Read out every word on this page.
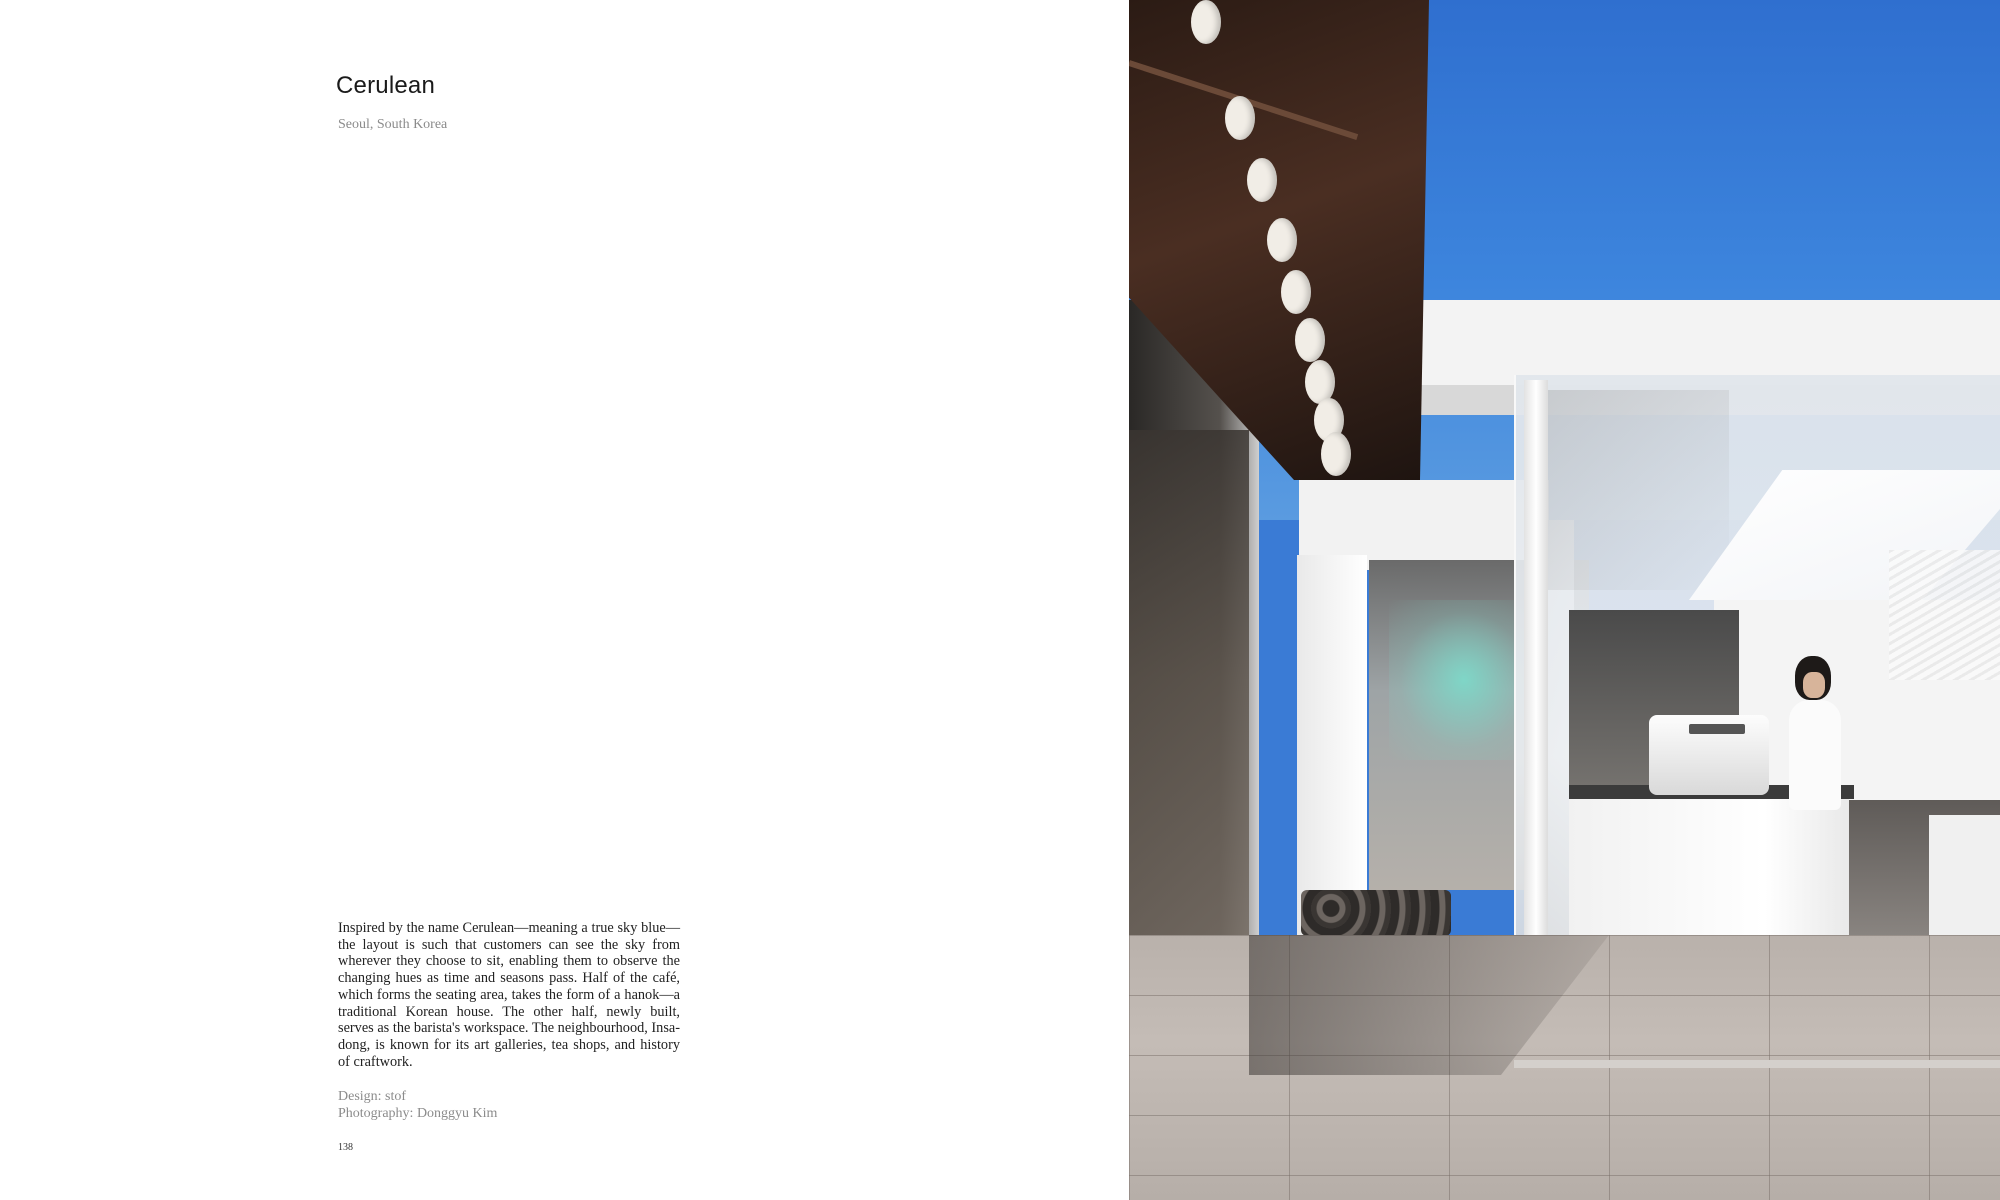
Cerulean
Seoul, South Korea

Inspired by the name Cerulean—meaning a true sky blue—the layout is such that customers can see the sky from wherever they choose to sit, enabling them to observe the changing hues as time and seasons pass. Half of the café, which forms the seating area, takes the form of a hanok—a traditional Korean house. The other half, newly built, serves as the barista's workspace. The neighbourhood, Insa-dong, is known for its art galleries, tea shops, and history of craftwork.

Design: stof
Photography: Donggyu Kim
138
